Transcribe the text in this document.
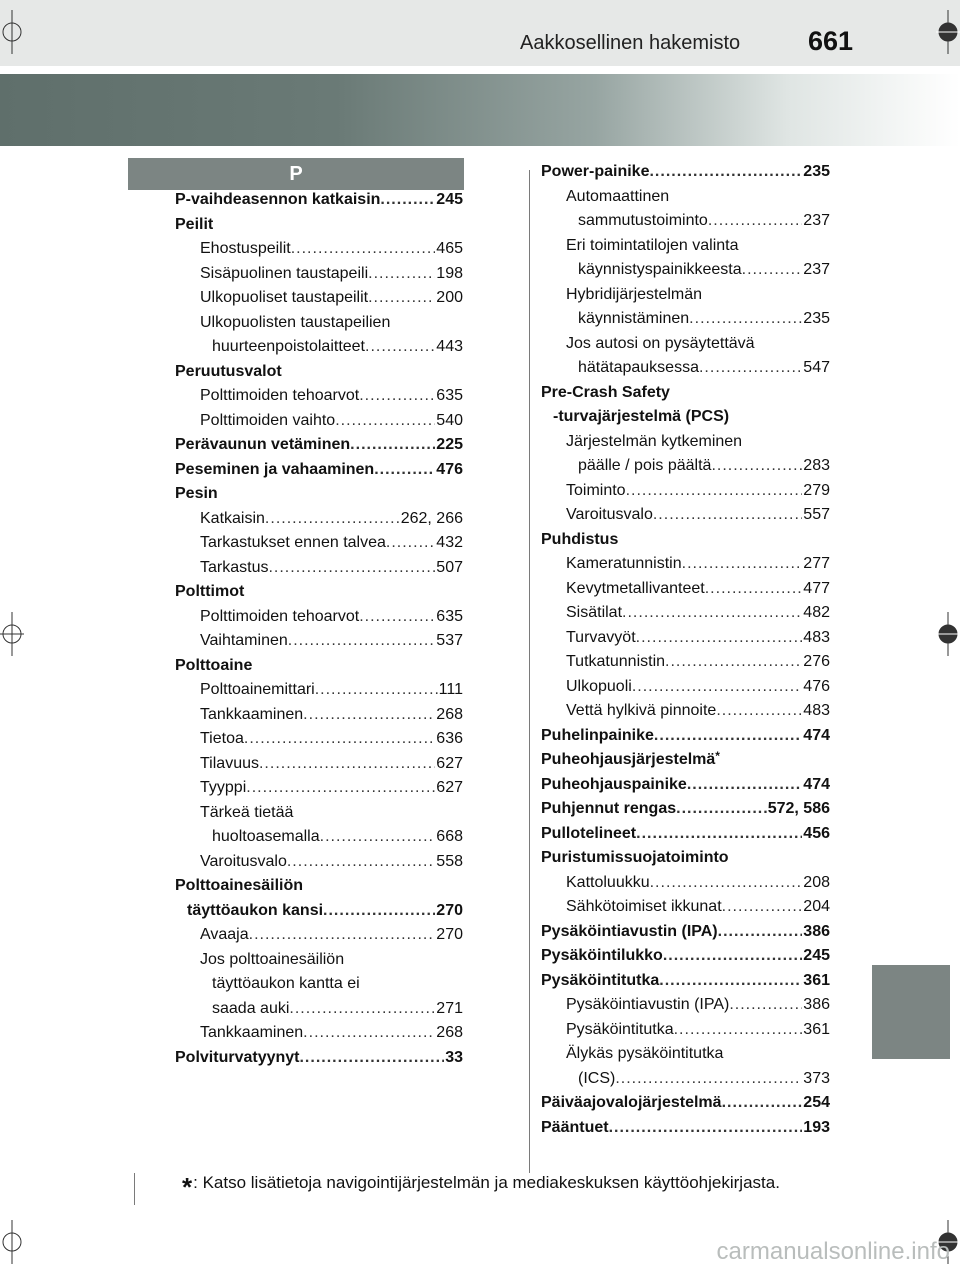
Aakkosellinen hakemisto	661
P
P-vaihdeasennon katkaisin .....	245
Peilit
Ehostuspeilit .....	465
Sisäpuolinen taustapeili .....	198
Ulkopuoliset taustapeilit .....	200
Ulkopuolisten taustapeilien
huurteenpoistolaitteet .....	443
Peruutusvalot
Polttimoiden tehoarvot .....	635
Polttimoiden vaihto .....	540
Perävaunun vetäminen .....	225
Peseminen ja vahaaminen .....	476
Pesin
Katkaisin .....	262, 266
Tarkastukset ennen talvea .....	432
Tarkastus .....	507
Polttimot
Polttimoiden tehoarvot .....	635
Vaihtaminen .....	537
Polttoaine
Polttoainemittari .....	111
Tankkaaminen .....	268
Tietoa .....	636
Tilavuus .....	627
Tyyppi .....	627
Tärkeä tietää
huoltoasemalla .....	668
Varoitusvalo .....	558
Polttoainesäiliön
täyttöaukon kansi .....	270
Avaaja .....	270
Jos polttoainesäiliön
täyttöaukon kantta ei
saada auki .....	271
Tankkaaminen .....	268
Polviturvatyynyt .....	33
Power-painike .....	235
Automaattinen
sammutustoiminto .....	237
Eri toimintatilojen valinta
käynnistyspainikkeesta .....	237
Hybridijärjestelmän
käynnistäminen .....	235
Jos autosi on pysäytettävä
hätätapauksessa .....	547
Pre-Crash Safety
-turvajärjestelmä (PCS)
Järjestelmän kytkeminen
päälle / pois päältä .....	283
Toiminto .....	279
Varoitusvalo .....	557
Puhdistus
Kameratunnistin .....	277
Kevytmetallivanteet .....	477
Sisätilat .....	482
Turvavyöt .....	483
Tutkatunnistin .....	276
Ulkopuoli .....	476
Vettä hylkivä pinnoite .....	483
Puhelinpainike .....	474
Puheohjausjärjestelmä *
Puheohjauspainike .....	474
Puhjennut rengas .....	572, 586
Pullotelineet .....	456
Puristumissuojatoiminto
Kattoluukku .....	208
Sähkötoimiset ikkunat .....	204
Pysäköintiavustin (IPA) .....	386
Pysäköintilukko .....	245
Pysäköintitutka .....	361
Pysäköintiavustin (IPA) .....	386
Pysäköintitutka .....	361
Älykäs pysäköintitutka
(ICS) .....	373
Päiväajovalojärjestelmä .....	254
Pääntuet .....	193
*: Katso lisätietoja navigointijärjestelmän ja mediakeskuksen käyttöohjekirjasta.
carmanualsonline.info
